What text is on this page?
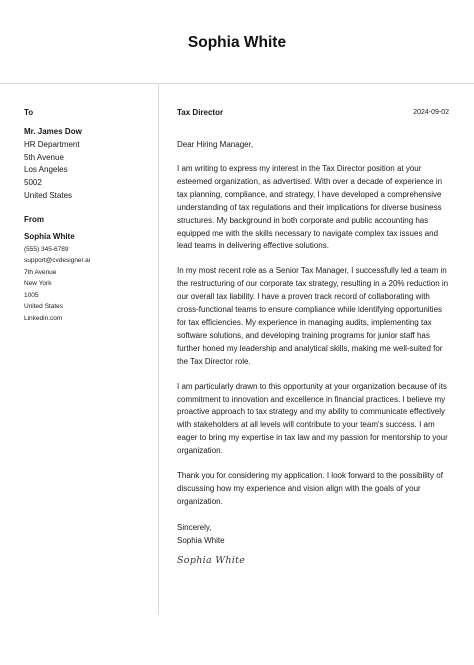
Sophia White
To
Mr. James Dow
HR Department
5th Avenue
Los Angeles
5002
United States
From
Sophia White
(555) 345-6789
support@cvdesigner.ai
7th Avenue
New York
1005
United States
Linkedin.com
Tax Director	2024-09-02
Dear Hiring Manager,
I am writing to express my interest in the Tax Director position at your esteemed organization, as advertised. With over a decade of experience in tax planning, compliance, and strategy, I have developed a comprehensive understanding of tax regulations and their implications for diverse business structures. My background in both corporate and public accounting has equipped me with the skills necessary to navigate complex tax issues and lead teams in delivering effective solutions.
In my most recent role as a Senior Tax Manager, I successfully led a team in the restructuring of our corporate tax strategy, resulting in a 20% reduction in our overall tax liability. I have a proven track record of collaborating with cross-functional teams to ensure compliance while identifying opportunities for tax efficiencies. My experience in managing audits, implementing tax software solutions, and developing training programs for junior staff has further honed my leadership and analytical skills, making me well-suited for the Tax Director role.
I am particularly drawn to this opportunity at your organization because of its commitment to innovation and excellence in financial practices. I believe my proactive approach to tax strategy and my ability to communicate effectively with stakeholders at all levels will contribute to your team's success. I am eager to bring my expertise in tax law and my passion for mentorship to your organization.
Thank you for considering my application. I look forward to the possibility of discussing how my experience and vision align with the goals of your organization.
Sincerely,
Sophia White
Sophia White
